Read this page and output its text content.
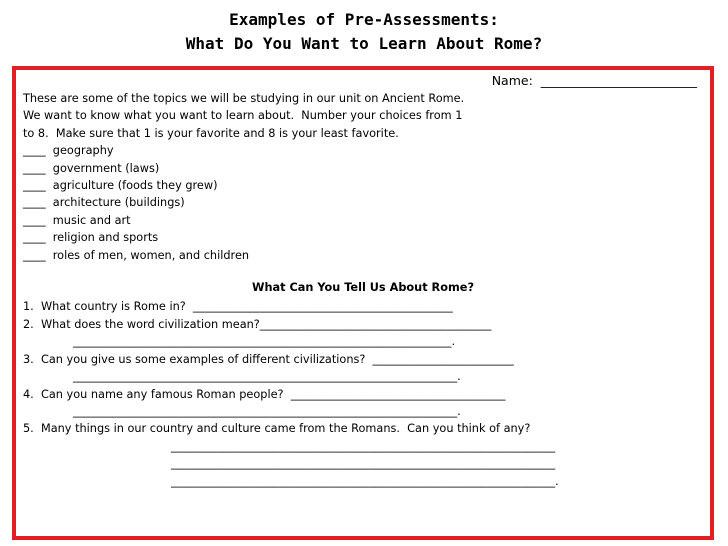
Examples of Pre-Assessments:
What Do You Want to Learn About Rome?
Name: _________________________
These are some of the topics we will be studying in our unit on Ancient Rome.
We want to know what you want to learn about.  Number your choices from 1
to 8.  Make sure that 1 is your favorite and 8 is your least favorite.
____ geography
____ government (laws)
____ agriculture (foods they grew)
____ architecture (buildings)
____ music and art
____ religion and sports
____ roles of men, women, and children
What Can You Tell Us About Rome?
1.  What country is Rome in?  ______________________________________________
2.  What does the word civilization mean?_________________________________________
___________________________________________________________________.
3.  Can you give us some examples of different civilizations?  _________________________
____________________________________________________________________.
4.  Can you name any famous Roman people?  ______________________________________
____________________________________________________________________.
5.  Many things in our country and culture came from the Romans.  Can you think of any?
____________________________________________________________________
____________________________________________________________________
____________________________________________________________________.
